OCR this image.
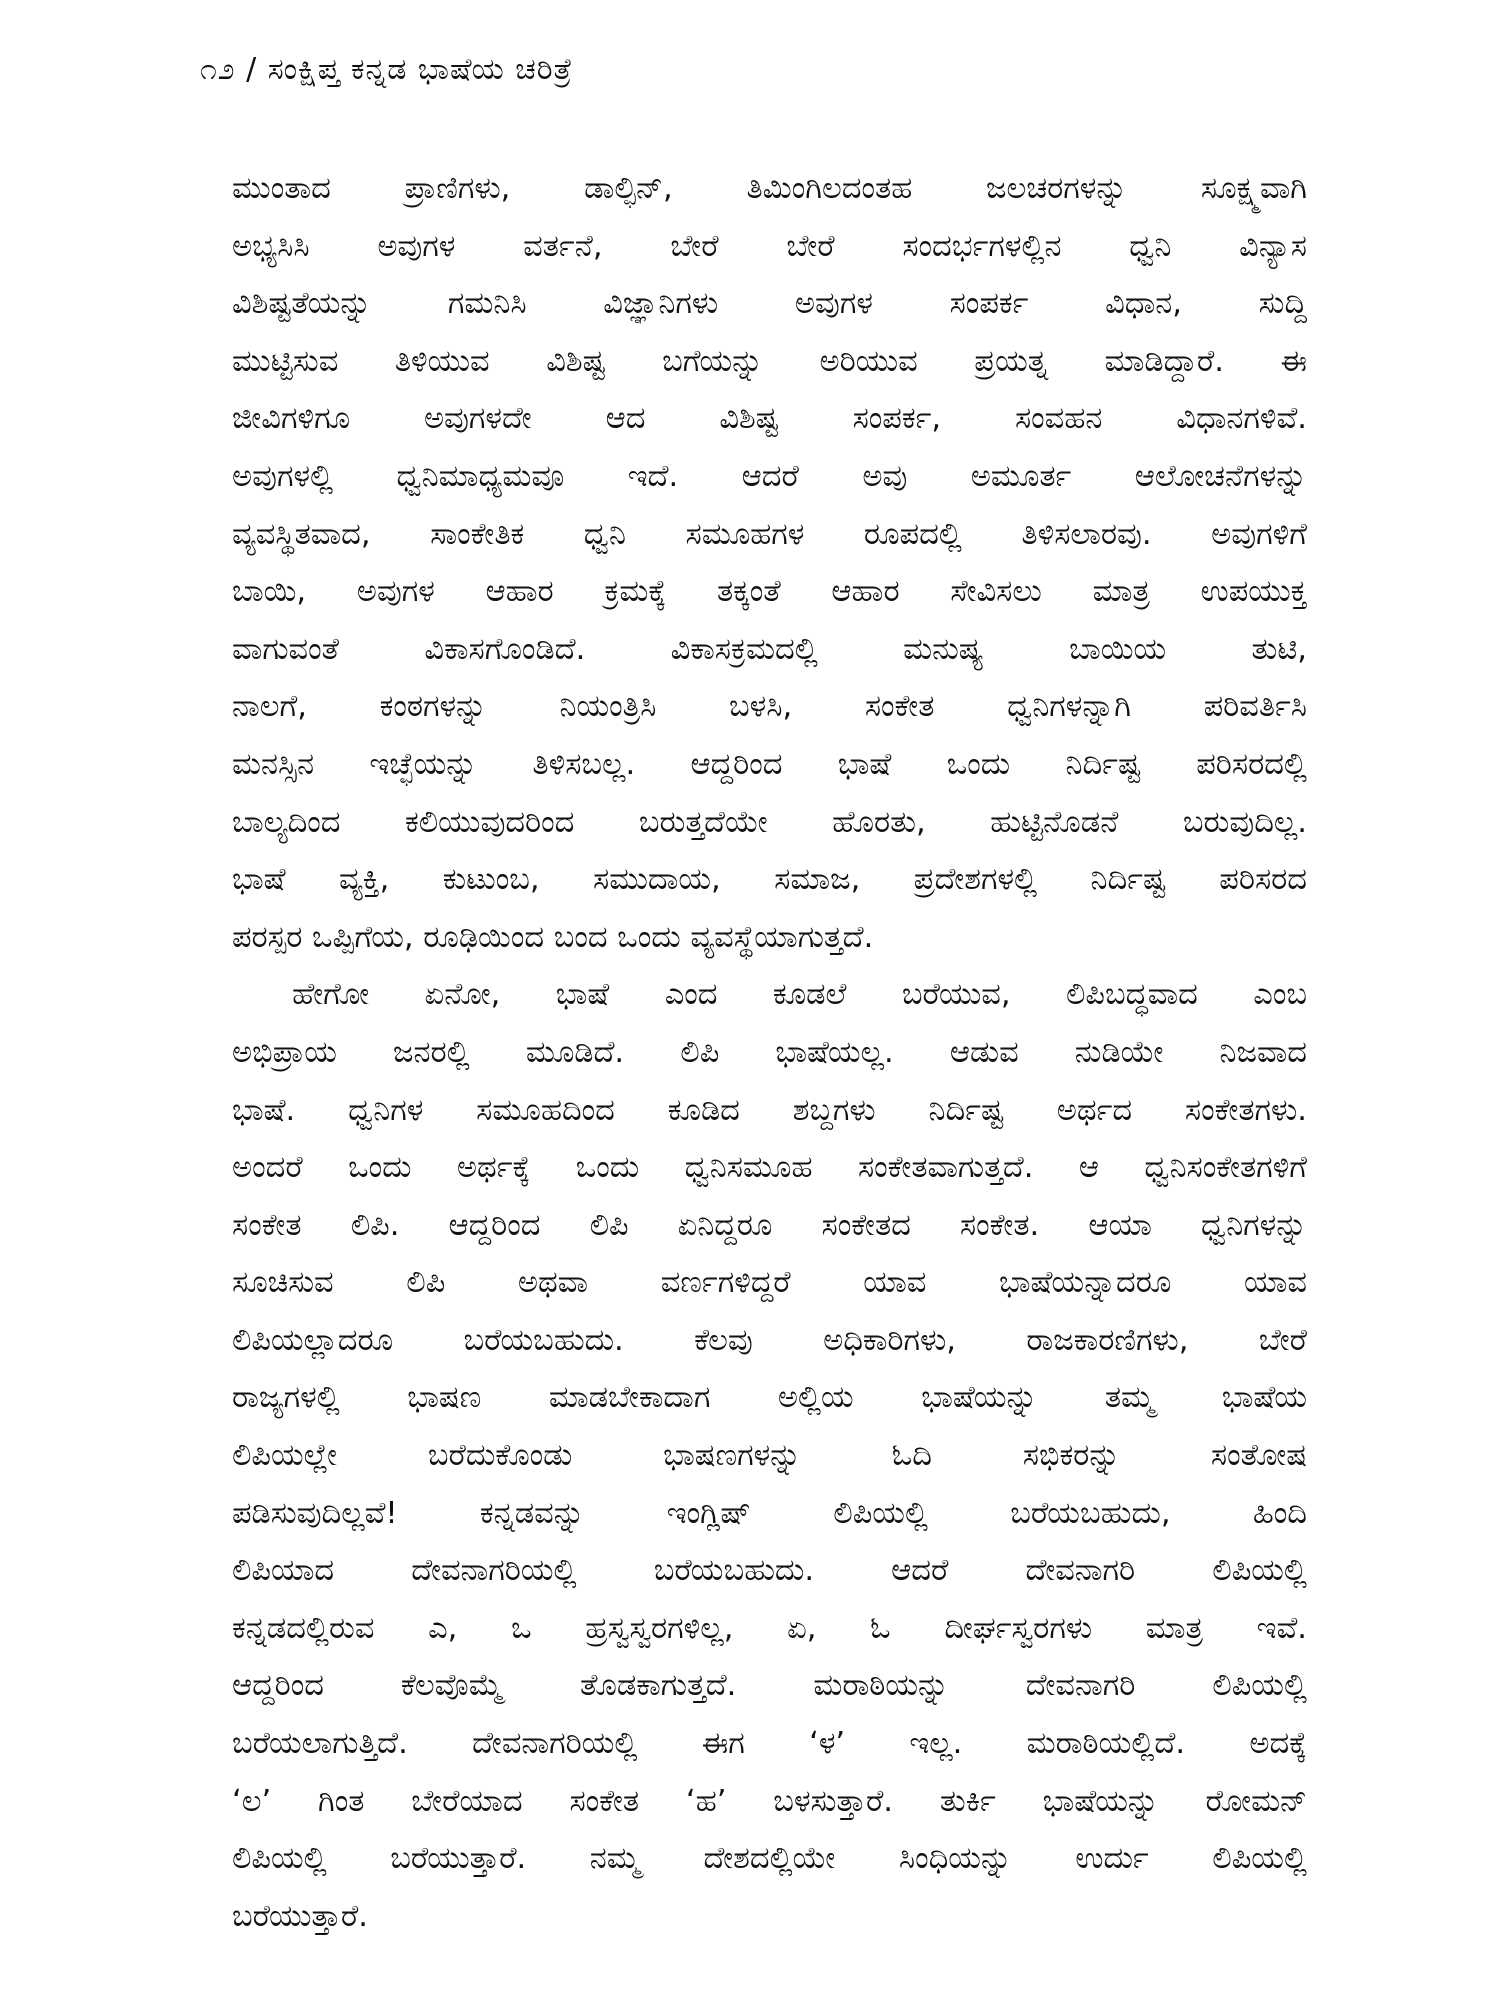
೧೨ / ಸಂಕ್ಷಿಪ್ತ ಕನ್ನಡ ಭಾಷೆಯ ಚರಿತ್ರೆ
ಮುಂತಾದ ಪ್ರಾಣಿಗಳು, ಡಾಲ್ಫಿನ್, ತಿಮಿಂಗಿಲದಂತಹ ಜಲಚರಗಳನ್ನು ಸೂಕ್ಷ್ಮವಾಗಿ
ಅಭ್ಯಸಿಸಿ ಅವುಗಳ ವರ್ತನೆ, ಬೇರೆ ಬೇರೆ ಸಂದರ್ಭಗಳಲ್ಲಿನ ಧ್ವನಿ ವಿನ್ಯಾಸ
ವಿಶಿಷ್ಟತೆಯನ್ನು ಗಮನಿಸಿ ವಿಜ್ಞಾನಿಗಳು ಅವುಗಳ ಸಂಪರ್ಕ ವಿಧಾನ, ಸುದ್ದಿ
ಮುಟ್ಟಿಸುವ ತಿಳಿಯುವ ವಿಶಿಷ್ಟ ಬಗೆಯನ್ನು ಅರಿಯುವ ಪ್ರಯತ್ನ ಮಾಡಿದ್ದಾರೆ. ಈ
ಜೀವಿಗಳಿಗೂ ಅವುಗಳದೇ ಆದ ವಿಶಿಷ್ಟ ಸಂಪರ್ಕ, ಸಂವಹನ ವಿಧಾನಗಳಿವೆ.
ಅವುಗಳಲ್ಲಿ ಧ್ವನಿಮಾಧ್ಯಮವೂ ಇದೆ. ಆದರೆ ಅವು ಅಮೂರ್ತ ಆಲೋಚನೆಗಳನ್ನು
ವ್ಯವಸ್ಥಿತವಾದ, ಸಾಂಕೇತಿಕ ಧ್ವನಿ ಸಮೂಹಗಳ ರೂಪದಲ್ಲಿ ತಿಳಿಸಲಾರವು. ಅವುಗಳಿಗೆ
ಬಾಯಿ, ಅವುಗಳ ಆಹಾರ ಕ್ರಮಕ್ಕೆ ತಕ್ಕಂತೆ ಆಹಾರ ಸೇವಿಸಲು ಮಾತ್ರ ಉಪಯುಕ್ತ
ವಾಗುವಂತೆ ವಿಕಾಸಗೊಂಡಿದೆ. ವಿಕಾಸಕ್ರಮದಲ್ಲಿ ಮನುಷ್ಯ ಬಾಯಿಯ ತುಟಿ,
ನಾಲಗೆ, ಕಂಠಗಳನ್ನು ನಿಯಂತ್ರಿಸಿ ಬಳಸಿ, ಸಂಕೇತ ಧ್ವನಿಗಳನ್ನಾಗಿ ಪರಿವರ್ತಿಸಿ
ಮನಸ್ಸಿನ ಇಚ್ಛೆಯನ್ನು ತಿಳಿಸಬಲ್ಲ. ಆದ್ದರಿಂದ ಭಾಷೆ ಒಂದು ನಿರ್ದಿಷ್ಟ ಪರಿಸರದಲ್ಲಿ
ಬಾಲ್ಯದಿಂದ ಕಲಿಯುವುದರಿಂದ ಬರುತ್ತದೆಯೇ ಹೊರತು, ಹುಟ್ಟಿನೊಡನೆ ಬರುವುದಿಲ್ಲ.
ಭಾಷೆ ವ್ಯಕ್ತಿ, ಕುಟುಂಬ, ಸಮುದಾಯ, ಸಮಾಜ, ಪ್ರದೇಶಗಳಲ್ಲಿ ನಿರ್ದಿಷ್ಟ ಪರಿಸರದ
ಪರಸ್ಪರ ಒಪ್ಪಿಗೆಯ, ರೂಢಿಯಿಂದ ಬಂದ ಒಂದು ವ್ಯವಸ್ಥೆಯಾಗುತ್ತದೆ.
ಹೇಗೋ ಏನೋ, ಭಾಷೆ ಎಂದ ಕೂಡಲೆ ಬರೆಯುವ, ಲಿಪಿಬದ್ಧವಾದ ಎಂಬ
ಅಭಿಪ್ರಾಯ ಜನರಲ್ಲಿ ಮೂಡಿದೆ. ಲಿಪಿ ಭಾಷೆಯಲ್ಲ. ಆಡುವ ನುಡಿಯೇ ನಿಜವಾದ
ಭಾಷೆ. ಧ್ವನಿಗಳ ಸಮೂಹದಿಂದ ಕೂಡಿದ ಶಬ್ದಗಳು ನಿರ್ದಿಷ್ಟ ಅರ್ಥದ ಸಂಕೇತಗಳು.
ಅಂದರೆ ಒಂದು ಅರ್ಥಕ್ಕೆ ಒಂದು ಧ್ವನಿಸಮೂಹ ಸಂಕೇತವಾಗುತ್ತದೆ. ಆ ಧ್ವನಿಸಂಕೇತಗಳಿಗೆ
ಸಂಕೇತ ಲಿಪಿ. ಆದ್ದರಿಂದ ಲಿಪಿ ಏನಿದ್ದರೂ ಸಂಕೇತದ ಸಂಕೇತ. ಆಯಾ ಧ್ವನಿಗಳನ್ನು
ಸೂಚಿಸುವ ಲಿಪಿ ಅಥವಾ ವರ್ಣಗಳಿದ್ದರೆ ಯಾವ ಭಾಷೆಯನ್ನಾದರೂ ಯಾವ
ಲಿಪಿಯಲ್ಲಾದರೂ ಬರೆಯಬಹುದು. ಕೆಲವು ಅಧಿಕಾರಿಗಳು, ರಾಜಕಾರಣಿಗಳು, ಬೇರೆ
ರಾಜ್ಯಗಳಲ್ಲಿ ಭಾಷಣ ಮಾಡಬೇಕಾದಾಗ ಅಲ್ಲಿಯ ಭಾಷೆಯನ್ನು ತಮ್ಮ ಭಾಷೆಯ
ಲಿಪಿಯಲ್ಲೇ ಬರೆದುಕೊಂಡು ಭಾಷಣಗಳನ್ನು ಓದಿ ಸಭಿಕರನ್ನು ಸಂತೋಷ
ಪಡಿಸುವುದಿಲ್ಲವೆ! ಕನ್ನಡವನ್ನು ಇಂಗ್ಲಿಷ್ ಲಿಪಿಯಲ್ಲಿ ಬರೆಯಬಹುದು, ಹಿಂದಿ
ಲಿಪಿಯಾದ ದೇವನಾಗರಿಯಲ್ಲಿ ಬರೆಯಬಹುದು. ಆದರೆ ದೇವನಾಗರಿ ಲಿಪಿಯಲ್ಲಿ
ಕನ್ನಡದಲ್ಲಿರುವ ಎ, ಒ ಹ್ರಸ್ವಸ್ವರಗಳಿಲ್ಲ, ಏ, ಓ ದೀರ್ಘಸ್ವರಗಳು ಮಾತ್ರ ಇವೆ.
ಆದ್ದರಿಂದ ಕೆಲವೊಮ್ಮೆ ತೊಡಕಾಗುತ್ತದೆ. ಮರಾಠಿಯನ್ನು ದೇವನಾಗರಿ ಲಿಪಿಯಲ್ಲಿ
ಬರೆಯಲಾಗುತ್ತಿದೆ. ದೇವನಾಗರಿಯಲ್ಲಿ ಈಗ ‘ಳ’ ಇಲ್ಲ. ಮರಾಠಿಯಲ್ಲಿದೆ. ಅದಕ್ಕೆ
‘ಲ’ ಗಿಂತ ಬೇರೆಯಾದ ಸಂಕೇತ ‘ಹ’ ಬಳಸುತ್ತಾರೆ. ತುರ್ಕಿ ಭಾಷೆಯನ್ನು ರೋಮನ್
ಲಿಪಿಯಲ್ಲಿ ಬರೆಯುತ್ತಾರೆ. ನಮ್ಮ ದೇಶದಲ್ಲಿಯೇ ಸಿಂಧಿಯನ್ನು ಉರ್ದು ಲಿಪಿಯಲ್ಲಿ
ಬರೆಯುತ್ತಾರೆ.
